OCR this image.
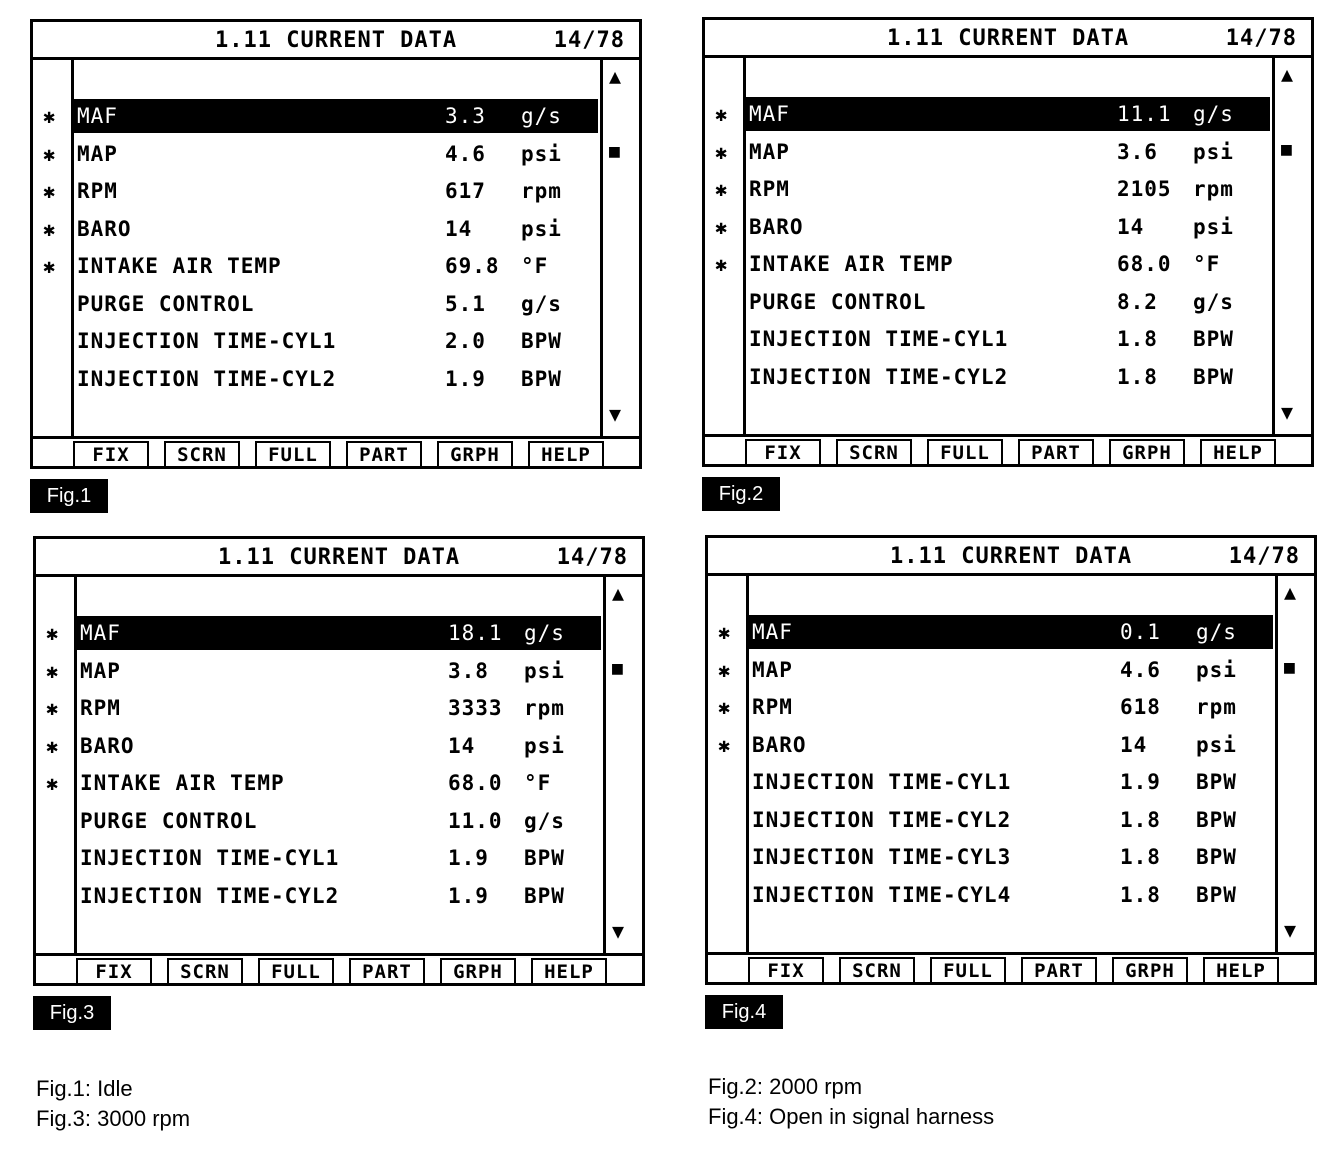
1.11 CURRENT DATA	14/78
▲
■
▼
✱ MAF	3.3 g/s
✱ MAP	4.6 psi
✱ RPM	617 rpm
✱ BARO	14 psi
✱ INTAKE AIR TEMP	69.8 °F
PURGE CONTROL	5.1 g/s
INJECTION TIME-CYL1	2.0 BPW
INJECTION TIME-CYL2	1.9 BPW
FIX	SCRN	FULL	PART	GRPH	HELP
Fig.1
1.11 CURRENT DATA	14/78
▲
■
▼
✱ MAF	11.1 g/s
✱ MAP	3.6 psi
✱ RPM	2105 rpm
✱ BARO	14 psi
✱ INTAKE AIR TEMP	68.0 °F
PURGE CONTROL	8.2 g/s
INJECTION TIME-CYL1	1.8 BPW
INJECTION TIME-CYL2	1.8 BPW
FIX	SCRN	FULL	PART	GRPH	HELP
Fig.2
1.11 CURRENT DATA	14/78
▲
■
▼
✱ MAF	18.1 g/s
✱ MAP	3.8 psi
✱ RPM	3333 rpm
✱ BARO	14 psi
✱ INTAKE AIR TEMP	68.0 °F
PURGE CONTROL	11.0 g/s
INJECTION TIME-CYL1	1.9 BPW
INJECTION TIME-CYL2	1.9 BPW
FIX	SCRN	FULL	PART	GRPH	HELP
Fig.3
1.11 CURRENT DATA	14/78
▲
■
▼
✱ MAF	0.1 g/s
✱ MAP	4.6 psi
✱ RPM	618 rpm
✱ BARO	14 psi
INJECTION TIME-CYL1	1.9 BPW
INJECTION TIME-CYL2	1.8 BPW
INJECTION TIME-CYL3	1.8 BPW
INJECTION TIME-CYL4	1.8 BPW
FIX	SCRN	FULL	PART	GRPH	HELP
Fig.4
Fig.1: Idle
Fig.3: 3000 rpm
Fig.2: 2000 rpm
Fig.4: Open in signal harness
